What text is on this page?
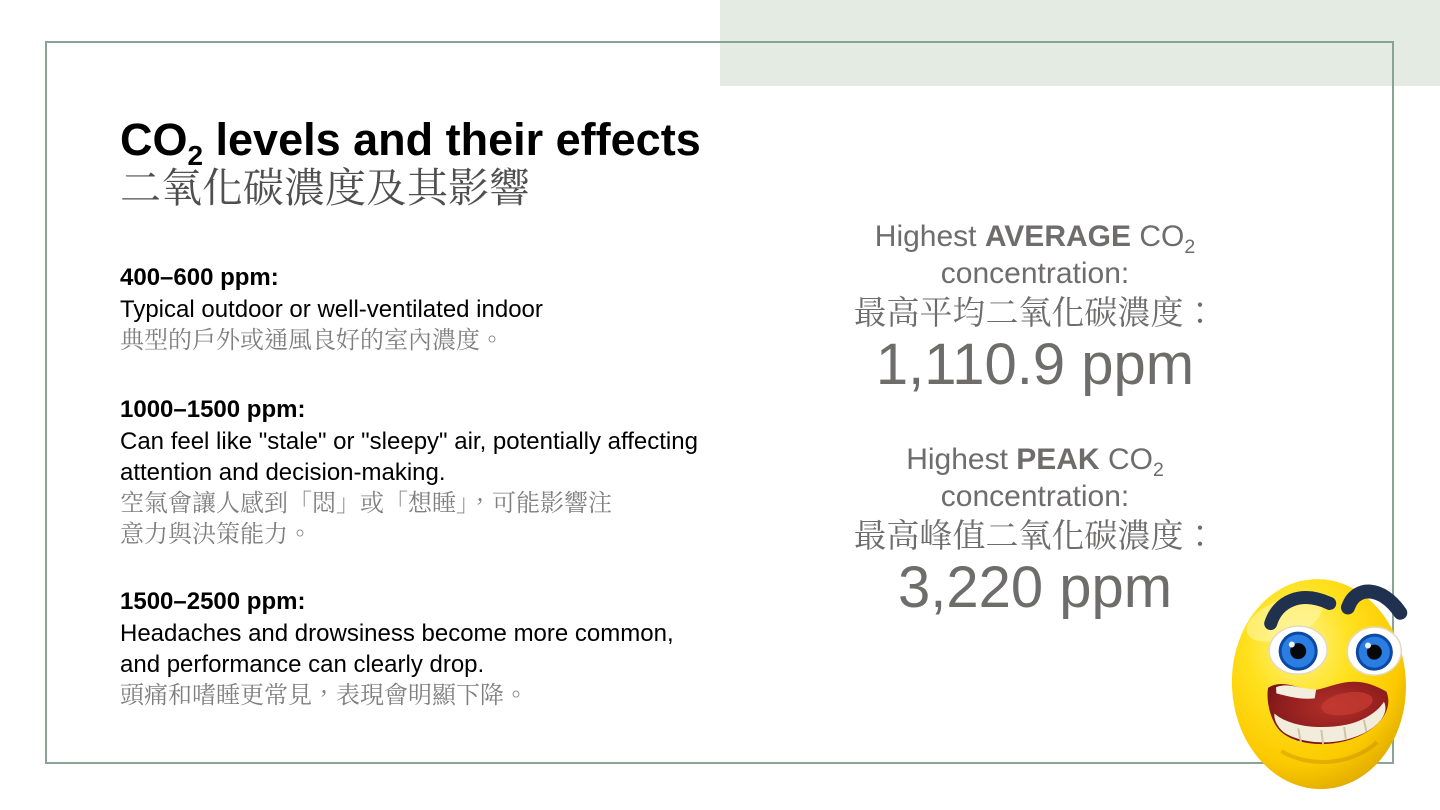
$CO_2$ levels and their effects
二氧化碳濃度及其影響
400–600 ppm:
Typical outdoor or well-ventilated indoor
典型的戶外或通風良好的室內濃度。
1000–1500 ppm:
Can feel like "stale" or "sleepy" air, potentially affecting attention and decision-making.
空氣會讓人感到「悶」或「想睡」，可能影響注意力與決策能力。
1500–2500 ppm:
Headaches and drowsiness become more common, and performance can clearly drop.
頭痛和嗜睡更常見，表現會明顯下降。
Highest AVERAGE $CO_2$
concentration:
最高平均二氧化碳濃度：
1,110.9 ppm
Highest PEAK $CO_2$
concentration:
最高峰值二氧化碳濃度：
3,220 ppm
